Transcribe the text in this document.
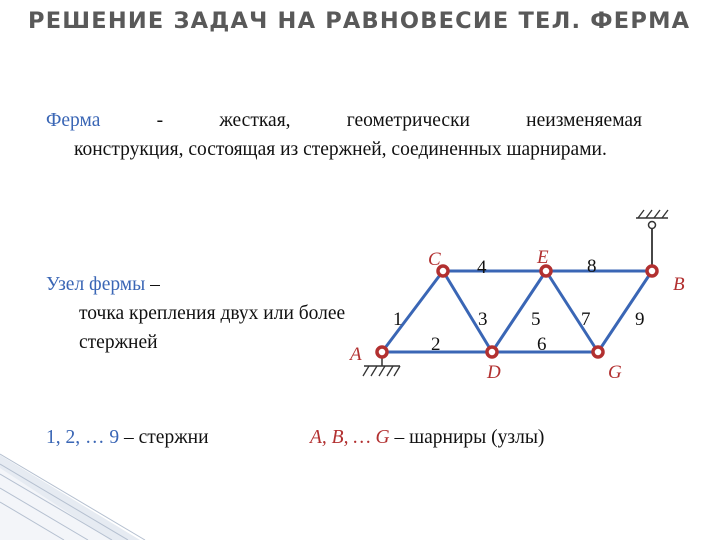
РЕШЕНИЕ ЗАДАЧ НА РАВНОВЕСИЕ ТЕЛ. ФЕРМА
Ферма	-	жесткая, геометрически неизменяемая
конструкция, состоящая из стержней, соединенных шарнирами.
Узел фермы –
точка крепления двух или более стержней
1, 2, … 9 – стержни	A, B, … G – шарниры (узлы)
A
C	E
B
D	G
1
2
3
4
5
6
7
8
9
